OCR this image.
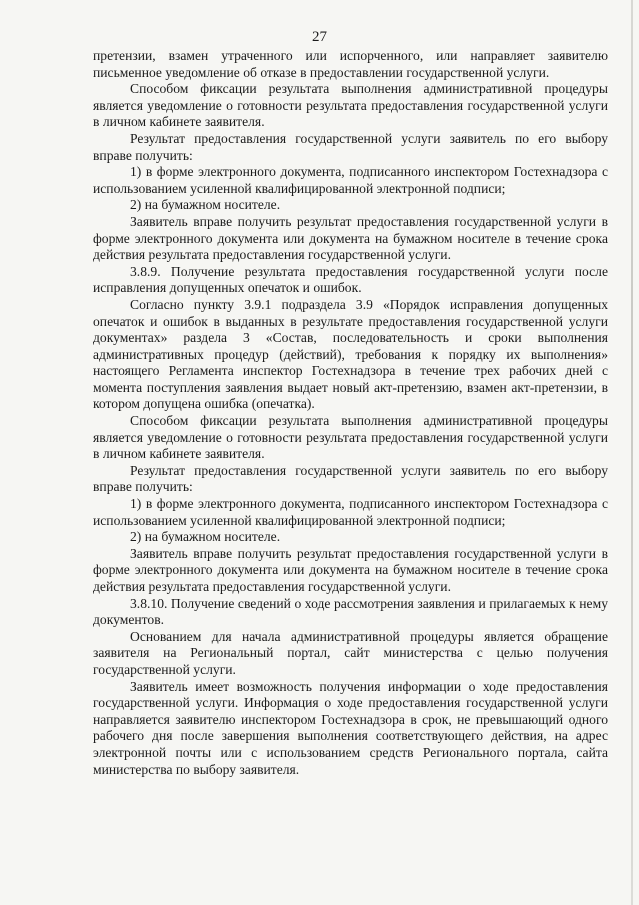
27

претензии, взамен утраченного или испорченного, или направляет заявителю письменное уведомление об отказе в предоставлении государственной услуги.

Способом фиксации результата выполнения административной процедуры является уведомление о готовности результата предоставления государственной услуги в личном кабинете заявителя.

Результат предоставления государственной услуги заявитель по его выбору вправе получить:

1) в форме электронного документа, подписанного инспектором Гостехнадзора с использованием усиленной квалифицированной электронной подписи;

2) на бумажном носителе.

Заявитель вправе получить результат предоставления государственной услуги в форме электронного документа или документа на бумажном носителе в течение срока действия результата предоставления государственной услуги.

3.8.9. Получение результата предоставления государственной услуги после исправления допущенных опечаток и ошибок.

Согласно пункту 3.9.1 подраздела 3.9 «Порядок исправления допущенных опечаток и ошибок в выданных в результате предоставления государственной услуги документах» раздела 3 «Состав, последовательность и сроки выполнения административных процедур (действий), требования к порядку их выполнения» настоящего Регламента инспектор Гостехнадзора в течение трех рабочих дней с момента поступления заявления выдает новый акт-претензию, взамен акт-претензии, в котором допущена ошибка (опечатка).

Способом фиксации результата выполнения административной процедуры является уведомление о готовности результата предоставления государственной услуги в личном кабинете заявителя.

Результат предоставления государственной услуги заявитель по его выбору вправе получить:

1) в форме электронного документа, подписанного инспектором Гостехнадзора с использованием усиленной квалифицированной электронной подписи;

2) на бумажном носителе.

Заявитель вправе получить результат предоставления государственной услуги в форме электронного документа или документа на бумажном носителе в течение срока действия результата предоставления государственной услуги.

3.8.10. Получение сведений о ходе рассмотрения заявления и прилагаемых к нему документов.

Основанием для начала административной процедуры является обращение заявителя на Региональный портал, сайт министерства с целью получения государственной услуги.

Заявитель имеет возможность получения информации о ходе предоставления государственной услуги. Информация о ходе предоставления государственной услуги направляется заявителю инспектором Гостехнадзора в срок, не превышающий одного рабочего дня после завершения выполнения соответствующего действия, на адрес электронной почты или с использованием средств Регионального портала, сайта министерства по выбору заявителя.
